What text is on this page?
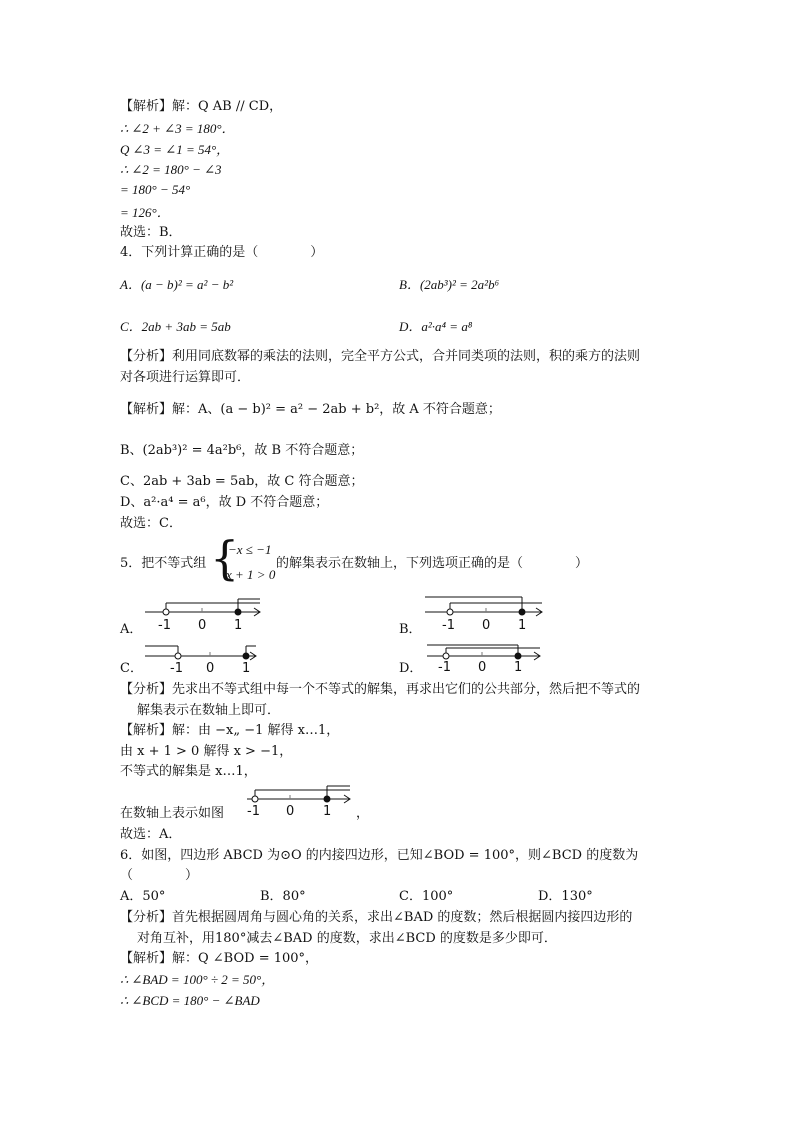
【解析】解：Q AB // CD，
∴ ∠2 + ∠3 = 180°．
Q ∠3 = ∠1 = 54°，
∴ ∠2 = 180° − ∠3
= 180° − 54°
= 126°．
故选：B．
4．下列计算正确的是（　　　　）
A．(a − b)² = a² − b²	B．(2ab³)² = 2a²b⁶
C．2ab + 3ab = 5ab	D．a²·a⁴ = a⁸
【分析】利用同底数幂的乘法的法则，完全平方公式，合并同类项的法则，积的乘方的法则
对各项进行运算即可．
【解析】解：A、(a − b)² = a² − 2ab + b²，故 A 不符合题意；
B、(2ab³)² = 4a²b⁶，故 B 不符合题意；
C、2ab + 3ab = 5ab，故 C 符合题意；
D、a²·a⁴ = a⁶，故 D 不符合题意；
故选：C．
5．把不等式组 {
−x ≤ −1
x + 1 > 0
的解集表示在数轴上，下列选项正确的是（　　　　）
A． -1 0 1	B． -1 0 1
C． -1 0 1	D． -1 0 1
【分析】先求出不等式组中每一个不等式的解集，再求出它们的公共部分，然后把不等式的
解集表示在数轴上即可．
【解析】解：由 −x„ −1 解得 x…1，
由 x + 1 > 0 解得 x > −1，
不等式的解集是 x…1，
在数轴上表示如图 -1 0 1 ，
故选：A．
6．如图，四边形 ABCD 为⊙O 的内接四边形，已知∠BOD = 100°，则∠BCD 的度数为
（　　　　）
A．50°	B．80°	C．100°	D．130°
【分析】首先根据圆周角与圆心角的关系，求出∠BAD 的度数；然后根据圆内接四边形的
对角互补，用180°减去∠BAD 的度数，求出∠BCD 的度数是多少即可．
【解析】解：Q ∠BOD = 100°，
∴ ∠BAD = 100° ÷ 2 = 50°，
∴ ∠BCD = 180° − ∠BAD
